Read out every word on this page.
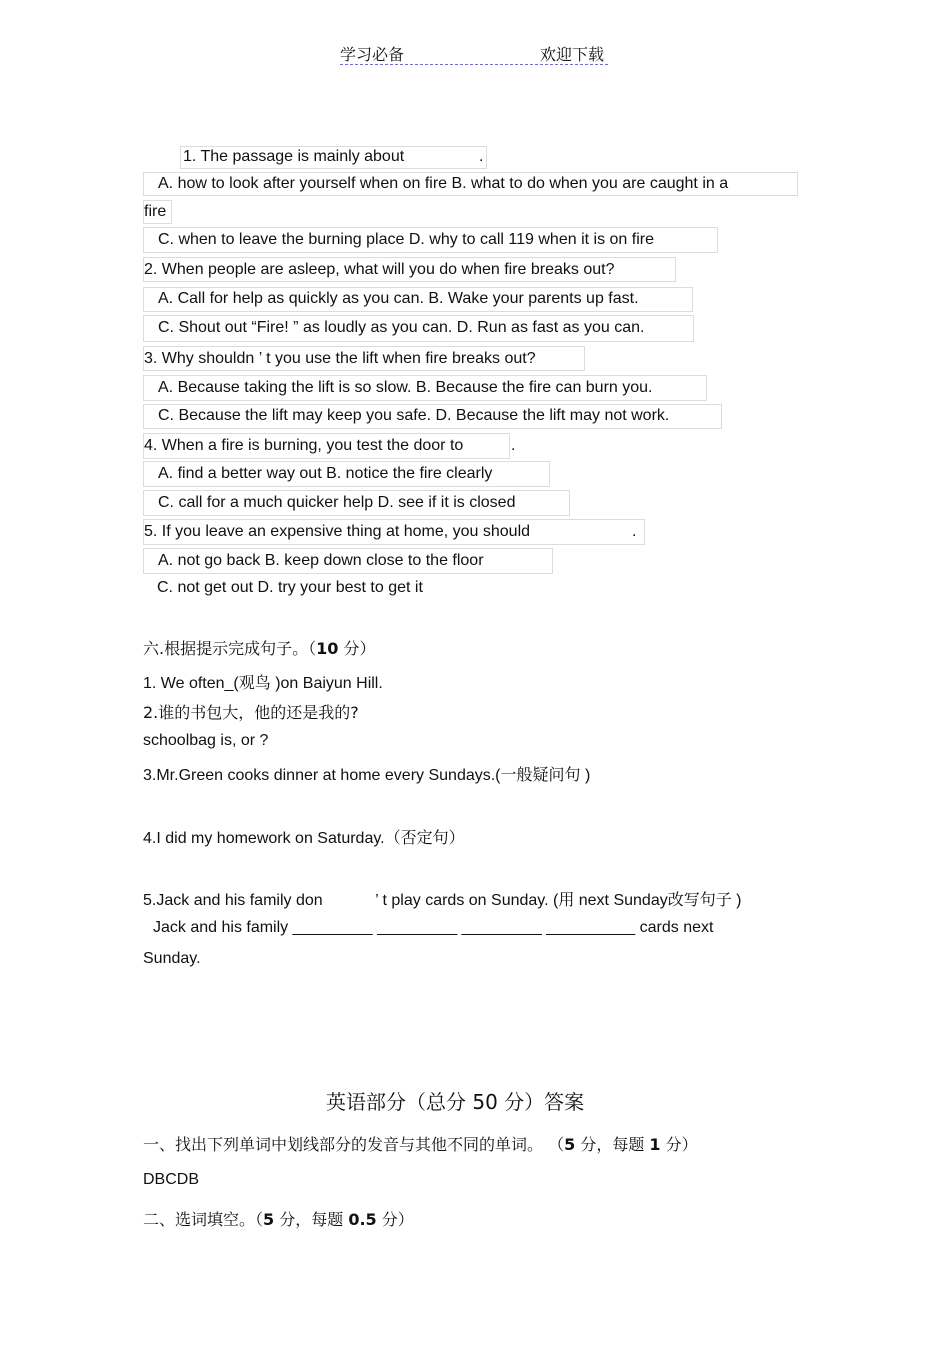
学习必备	欢迎下载
1. The passage is mainly about	.
A. how to look after yourself when on fire B. what to do when you are caught in a
fire
C. when to leave the burning place D. why to call 119 when it is on fire
2. When people are asleep, what will you do when fire breaks out?
A. Call for help as quickly as you can. B. Wake your parents up fast.
C. Shout out “Fire! ” as loudly as you can. D. Run as fast as you can.
3. Why shouldn ’ t you use the lift when fire breaks out?
A. Because taking the lift is so slow. B. Because the fire can burn you.
C. Because the lift may keep you safe. D. Because the lift may not work.
4. When a fire is burning, you test the door to	.
A. find a better way out B. notice the fire clearly
C. call for a much quicker help D. see if it is closed
5. If you leave an expensive thing at home, you should	.
A. not go back B. keep down close to the floor
C. not get out D. try your best to get it
六.根据提示完成句子。（10 分）
1. We often_(观鸟 )on Baiyun Hill.
2.谁的书包大，他的还是我的?
schoolbag is, or ?
3.Mr.Green cooks dinner at home every Sundays.(一般疑问句 )
4.I did my homework on Saturday.（否定句）
5.Jack and his family don	’ t play cards on Sunday. (用 next Sunday改写句子 )
Jack and his family _________ _________ _________ __________ cards next
Sunday.
英语部分（总分 50 分）答案
一、找出下列单词中划线部分的发音与其他不同的单词。 （5 分，每题 1 分）
DBCDB
二、选词填空。（5 分，每题 0.5 分）
